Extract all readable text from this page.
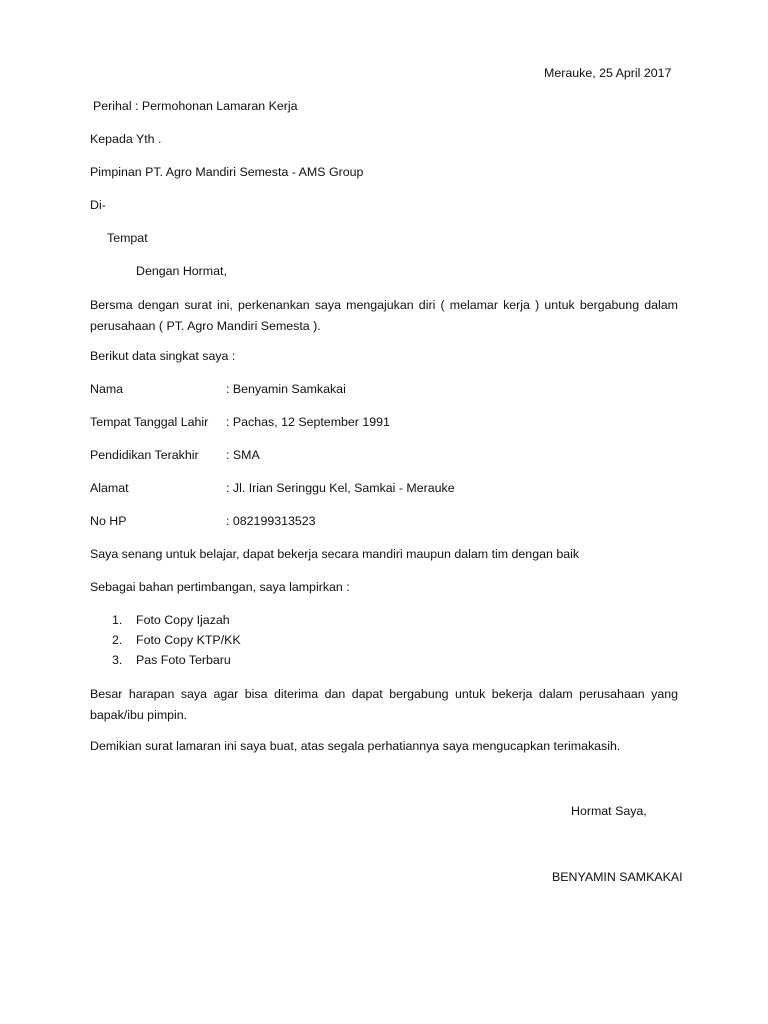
Merauke, 25 April 2017
Perihal : Permohonan Lamaran Kerja
Kepada Yth .
Pimpinan PT. Agro Mandiri Semesta - AMS Group
Di-
Tempat
Dengan Hormat,
Bersma dengan surat ini, perkenankan saya mengajukan diri ( melamar kerja ) untuk bergabung dalam perusahaan ( PT. Agro Mandiri Semesta ).
Berikut data singkat saya :
Nama	: Benyamin Samkakai
Tempat Tanggal Lahir : Pachas, 12 September 1991
Pendidikan Terakhir : SMA
Alamat	: Jl. Irian Seringgu Kel, Samkai - Merauke
No HP	: 082199313523
Saya senang untuk belajar, dapat bekerja secara mandiri maupun dalam tim dengan baik
Sebagai bahan pertimbangan, saya lampirkan :
1. Foto Copy Ijazah
2. Foto Copy KTP/KK
3. Pas Foto Terbaru
Besar harapan saya agar bisa diterima dan dapat bergabung untuk bekerja dalam perusahaan yang bapak/ibu pimpin.
Demikian surat lamaran ini saya buat, atas segala perhatiannya saya mengucapkan terimakasih.
Hormat Saya,
BENYAMIN SAMKAKAI
